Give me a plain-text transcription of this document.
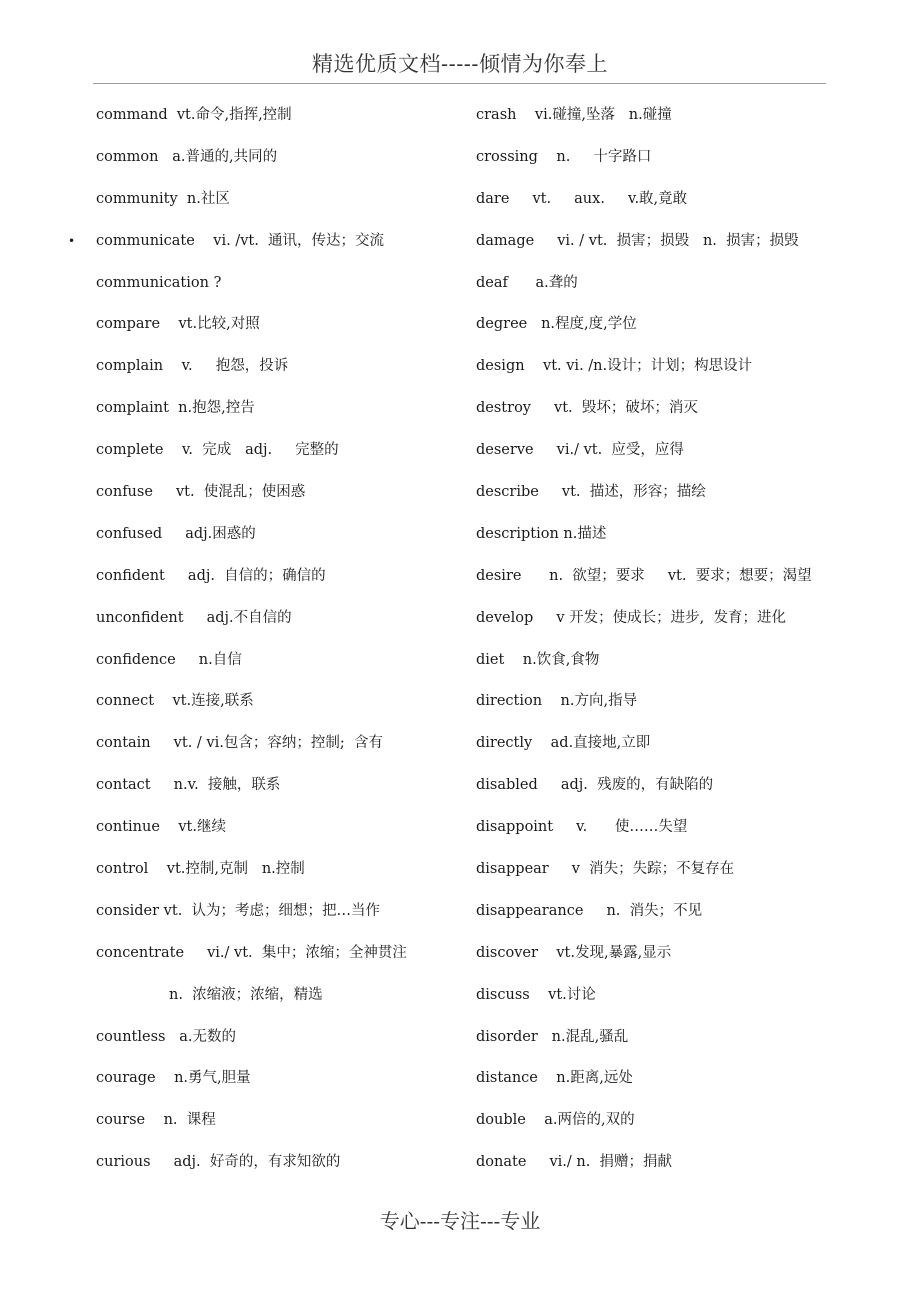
精选优质文档-----倾情为你奉上
command  vt.命令,指挥,控制
common   a.普通的,共同的
community  n.社区
• communicate    vi. /vt.  通讯，传达；交流
communication ?
compare    vt.比较,对照
complain    v.     抱怨，投诉
complaint  n.抱怨,控告
complete    v.  完成   adj.     完整的
confuse     vt.  使混乱；使困惑
confused     adj.困惑的
confident     adj.  自信的；确信的
unconfident     adj.不自信的
confidence     n.自信
connect    vt.连接,联系
contain     vt. / vi.包含；容纳；控制;  含有
contact     n.v.  接触，联系
continue    vt.继续
control    vt.控制,克制   n.控制
consider vt.  认为；考虑；细想；把…当作
concentrate     vi./ vt.  集中；浓缩；全神贯注
n.  浓缩液；浓缩，精选
countless   a.无数的
courage    n.勇气,胆量
course    n.  课程
curious     adj.  好奇的，有求知欲的
crash    vi.碰撞,坠落   n.碰撞
crossing    n.     十字路口
dare     vt.     aux.     v.敢,竟敢
damage     vi. / vt.  损害；损毁   n.  损害；损毁
deaf      a.聋的
degree   n.程度,度,学位
design    vt. vi. /n.设计；计划；构思设计
destroy     vt.  毁坏；破坏；消灭
deserve     vi./ vt.  应受，应得
describe     vt.  描述，形容；描绘
description n.描述
desire      n.  欲望；要求     vt.  要求；想要；渴望
develop     v 开发；使成长；进步,  发育；进化
diet    n.饮食,食物
direction    n.方向,指导
directly    ad.直接地,立即
disabled     adj.  残废的，有缺陷的
disappoint     v.      使……失望
disappear     v  消失；失踪；不复存在
disappearance     n.  消失；不见
discover    vt.发现,暴露,显示
discuss    vt.讨论
disorder   n.混乱,骚乱
distance    n.距离,远处
double    a.两倍的,双的
donate     vi./ n.  捐赠；捐献
专心---专注---专业
